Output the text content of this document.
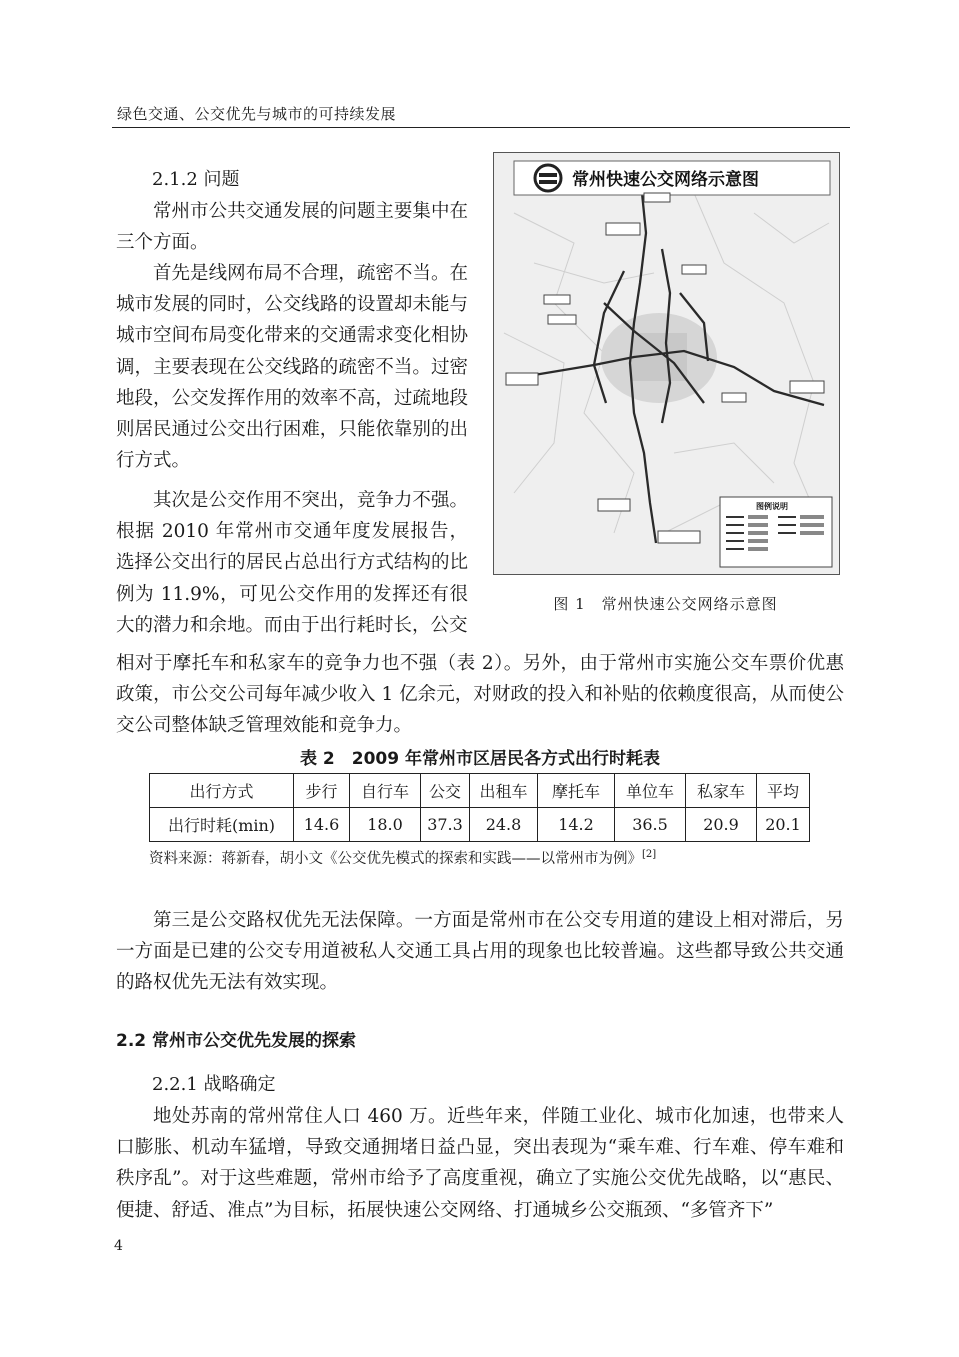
绿色交通、公交优先与城市的可持续发展
2.1.2 问题
常州市公共交通发展的问题主要集中在三个方面。
首先是线网布局不合理，疏密不当。在城市发展的同时，公交线路的设置却未能与城市空间布局变化带来的交通需求变化相协调，主要表现在公交线路的疏密不当。过密地段，公交发挥作用的效率不高，过疏地段则居民通过公交出行困难，只能依靠别的出行方式。
其次是公交作用不突出，竞争力不强。根据 2010 年常州市交通年度发展报告，选择公交出行的居民占总出行方式结构的比例为 11.9%，可见公交作用的发挥还有很大的潜力和余地。而由于出行耗时长，公交
相对于摩托车和私家车的竞争力也不强（表 2）。另外，由于常州市实施公交车票价优惠政策，市公交公司每年减少收入 1 亿余元，对财政的投入和补贴的依赖度很高，从而使公交公司整体缺乏管理效能和竞争力。
常州快速公交网络示意图
图例说明
图 1　常州快速公交网络示意图
表 2　2009 年常州市区居民各方式出行时耗表
出行方式	步行	自行车	公交	出租车	摩托车	单位车	私家车	平均
出行时耗(min)	14.6	18.0	37.3	24.8	14.2	36.5	20.9	20.1
资料来源：蒋新春，胡小文《公交优先模式的探索和实践——以常州市为例》[2]
第三是公交路权优先无法保障。一方面是常州市在公交专用道的建设上相对滞后，另一方面是已建的公交专用道被私人交通工具占用的现象也比较普遍。这些都导致公共交通的路权优先无法有效实现。
2.2 常州市公交优先发展的探索
2.2.1 战略确定
地处苏南的常州常住人口 460 万。近些年来，伴随工业化、城市化加速，也带来人口膨胀、机动车猛增，导致交通拥堵日益凸显，突出表现为“乘车难、行车难、停车难和秩序乱”。对于这些难题，常州市给予了高度重视，确立了实施公交优先战略，以“惠民、便捷、舒适、准点”为目标，拓展快速公交网络、打通城乡公交瓶颈、“多管齐下”
4
